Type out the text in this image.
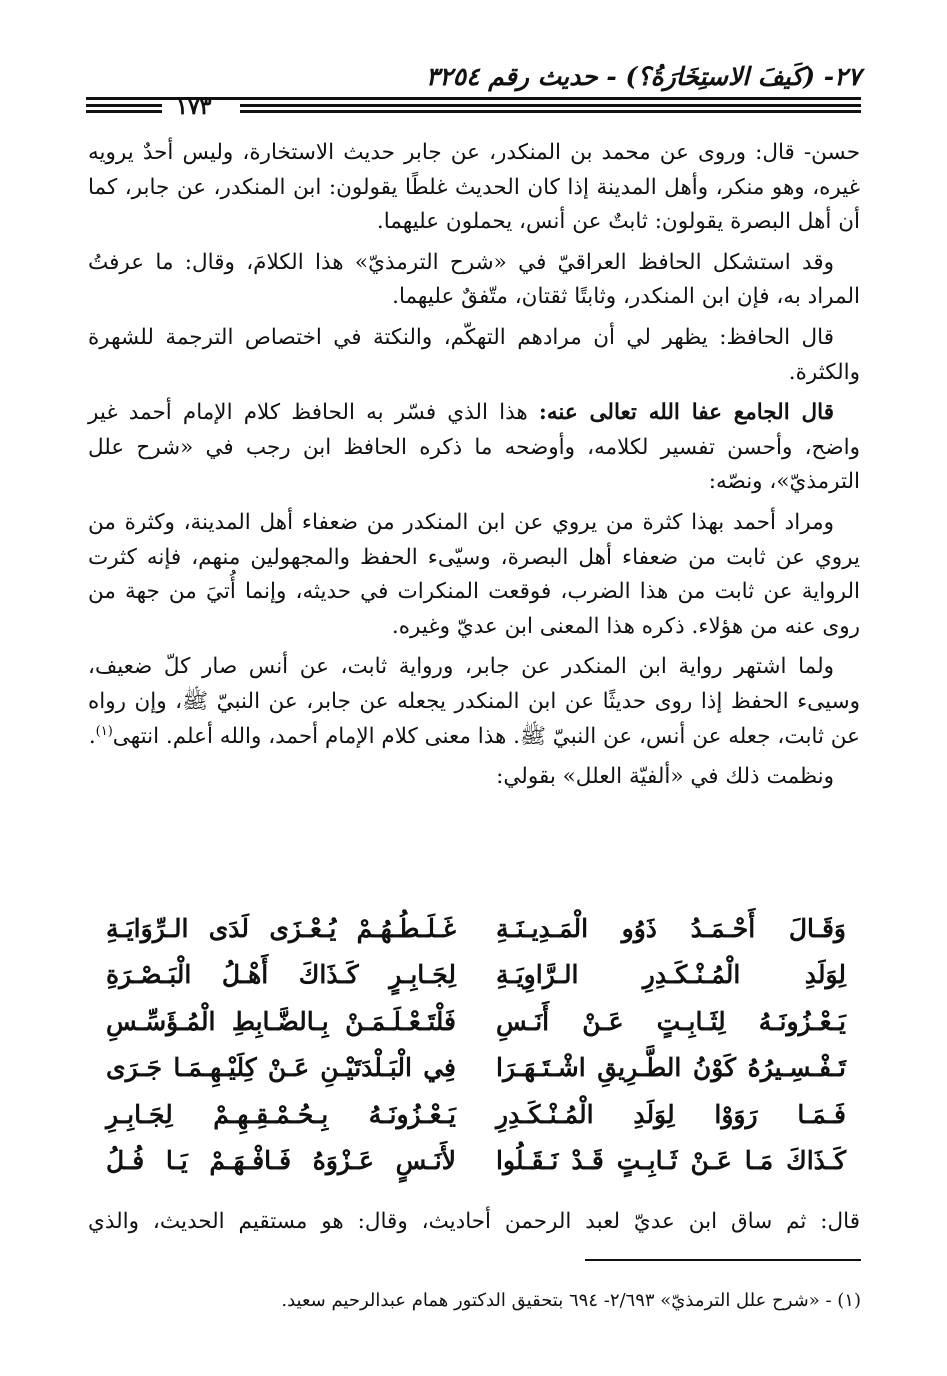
٢٧- (كَيفَ الاستِخَارَةُ؟) - حديث رقم ٣٢٥٤
١٧٣

حسن- قال: وروى عن محمد بن المنكدر، عن جابر حديث الاستخارة، وليس أحدٌ يرويه غيره، وهو منكر، وأهل المدينة إذا كان الحديث غلطًا يقولون: ابن المنكدر، عن جابر، كما أن أهل البصرة يقولون: ثابتٌ عن أنس، يحملون عليهما.

وقد استشكل الحافظ العراقيّ في «شرح الترمذيّ» هذا الكلامَ، وقال: ما عرفتُ المراد به، فإن ابن المنكدر، وثابتًا ثقتان، متّفقٌ عليهما.

قال الحافظ: يظهر لي أن مرادهم التهكّم، والنكتة في اختصاص الترجمة للشهرة والكثرة.

قال الجامع عفا الله تعالى عنه: هذا الذي فسّر به الحافظ كلام الإمام أحمد غير واضح، وأحسن تفسير لكلامه، وأوضحه ما ذكره الحافظ ابن رجب في «شرح علل الترمذيّ»، ونصّه:

ومراد أحمد بهذا كثرة من يروي عن ابن المنكدر من ضعفاء أهل المدينة، وكثرة من يروي عن ثابت من ضعفاء أهل البصرة، وسيّىء الحفظ والمجهولين منهم، فإنه كثرت الرواية عن ثابت من هذا الضرب، فوقعت المنكرات في حديثه، وإنما أُتيَ من جهة من روى عنه من هؤلاء. ذكره هذا المعنى ابن عديّ وغيره.

ولما اشتهر رواية ابن المنكدر عن جابر، ورواية ثابت، عن أنس صار كلّ ضعيف، وسيىء الحفظ إذا روى حديثًا عن ابن المنكدر يجعله عن جابر، عن النبيّ ﷺ، وإن رواه عن ثابت، جعله عن أنس، عن النبيّ ﷺ. هذا معنى كلام الإمام أحمد، والله أعلم. انتهى$^{(١)}$.

ونظمت ذلك في «ألفيّة العلل» بقولي:

وَقَـالَ أَحْـمَـدُ ذَوُو الْمَـدِيـنَـةِ
غَـلَـطُـهُـمْ يُـعْـزَى لَدَى الـرِّوَايَـةِ
لِوَلَدِ الْمُـنْـكَـدِرِ الـرَّاوِيَـةِ
لِجَـابِـرٍ كَـذَاكَ أَهْـلُ الْبَـصْـرَةِ
يَـعْـزُونَـهُ لِثَـابِـتٍ عَـنْ أَنَـسِ
فَلْتَـعْـلَـمَـنْ بِـالضَّـابِطِ الْمُـؤَسِّـسِ
تَـفْـسِـيرُهُ كَوْنُ الطَّـرِيقِ اشْـتَـهَـرَا
فِي الْبَـلْدَتَيْـنِ عَـنْ كِلَيْـهِـمَـا جَـرَى
فَـمَـا رَوَوْا لِوَلَدِ الْمُـنْـكَـدِرِ
يَـعْـزُونَـهُ بِـحُـمْـقِـهِـمْ لِجَـابِـرِ
كَـذَاكَ مَـا عَـنْ ثَـابِـتٍ قَـدْ نَـقَـلُوا
لأَنَـسٍ عَـزْوَهُ فَـافْـهَـمْ يَـا فُـلُ
قال: ثم ساق ابن عديّ لعبد الرحمن أحاديث، وقال: هو مستقيم الحديث، والذي
(١) - «شرح علل الترمذيّ» ٢/٦٩٣- ٦٩٤ بتحقيق الدكتور همام عبدالرحيم سعيد.
